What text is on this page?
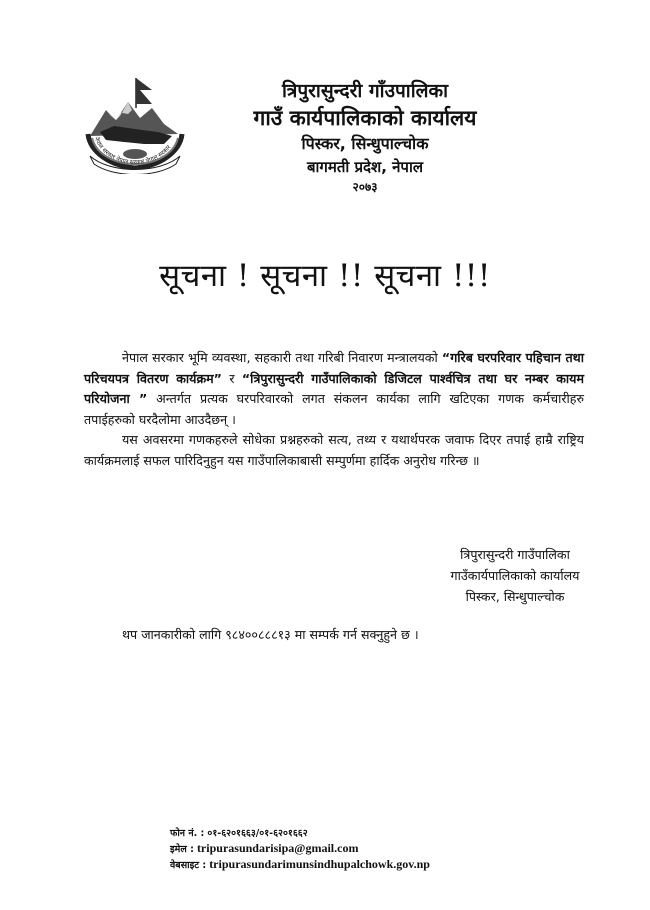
नेपाल सरकार नेपाल सरकार नेपाल सरकार
त्रिपुरासुन्दरी गाँउपालिका
गाउँ कार्यपालिकाको कार्यालय
पिस्कर, सिन्धुपाल्चोक
बागमती प्रदेश, नेपाल
२०७३
सूचना ! सूचना !! सूचना !!!

नेपाल सरकार भूमि व्यवस्था, सहकारी तथा गरिबी निवारण मन्त्रालयको “गरिब घरपरिवार पहिचान तथा परिचयपत्र वितरण कार्यक्रम” र “त्रिपुरासुन्दरी गाउँपालिकाको डिजिटल पार्श्वचित्र तथा घर नम्बर कायम परियोजना ” अन्तर्गत प्रत्यक घरपरिवारको लगत संकलन कार्यका लागि खटिएका गणक कर्मचारीहरु तपाईहरुको घरदैलोमा आउदैछन् ।

यस अवसरमा गणकहरुले सोधेका प्रश्नहरुको सत्य, तथ्य र यथार्थपरक जवाफ दिएर तपाई हाम्रै राष्ट्रिय कार्यक्रमलाई सफल पारिदिनुहुन यस गाउँपालिकाबासी सम्पुर्णमा हार्दिक अनुरोध गरिन्छ ॥

त्रिपुरासुन्दरी गाउँपालिका
गाउँकार्यपालिकाको कार्यालय
पिस्कर, सिन्धुपाल्चोक
थप जानकारीको लागि ९८४००८८८१३ मा सम्पर्क गर्न सक्नुहुने छ ।
फोन नं. : ०१-६२०१६६३/०१-६२०१६६२
इमेल : tripurasundarisipa@gmail.com
वेबसाइट : tripurasundarimunsindhupalchowk.gov.np
